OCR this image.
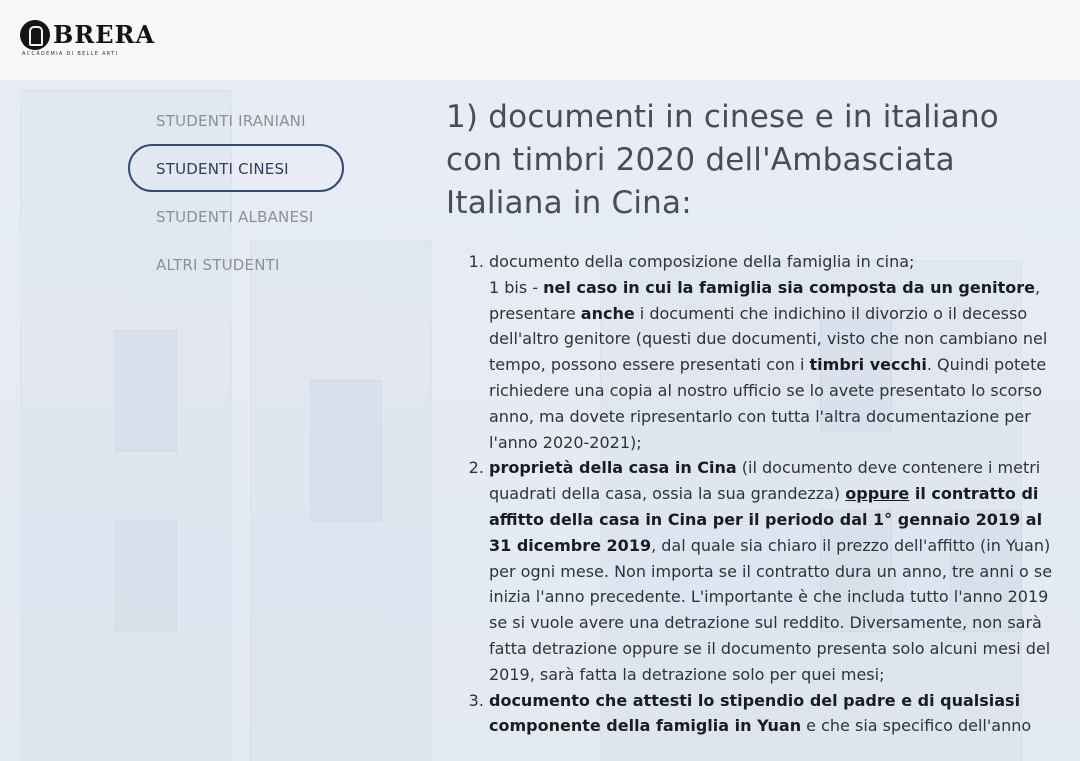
BRERA
ACCADEMIA DI BELLE ARTI
STUDENTI IRANIANI
STUDENTI CINESI
STUDENTI ALBANESI
ALTRI STUDENTI
1) documenti in cinese e in italiano con timbri 2020 dell'Ambasciata Italiana in Cina:
1. documento della composizione della famiglia in cina;
1 bis - nel caso in cui la famiglia sia composta da un genitore, presentare anche i documenti che indichino il divorzio o il decesso dell'altro genitore (questi due documenti, visto che non cambiano nel tempo, possono essere presentati con i timbri vecchi. Quindi potete richiedere una copia al nostro ufficio se lo avete presentato lo scorso anno, ma dovete ripresentarlo con tutta l'altra documentazione per l'anno 2020-2021);
2. proprietà della casa in Cina (il documento deve contenere i metri quadrati della casa, ossia la sua grandezza) oppure il contratto di affitto della casa in Cina per il periodo dal 1° gennaio 2019 al 31 dicembre 2019, dal quale sia chiaro il prezzo dell'affitto (in Yuan) per ogni mese. Non importa se il contratto dura un anno, tre anni o se inizia l'anno precedente. L'importante è che includa tutto l'anno 2019 se si vuole avere una detrazione sul reddito. Diversamente, non sarà fatta detrazione oppure se il documento presenta solo alcuni mesi del 2019, sarà fatta la detrazione solo per quei mesi;
3. documento che attesti lo stipendio del padre e di qualsiasi componente della famiglia in Yuan e che sia specifico dell'anno
